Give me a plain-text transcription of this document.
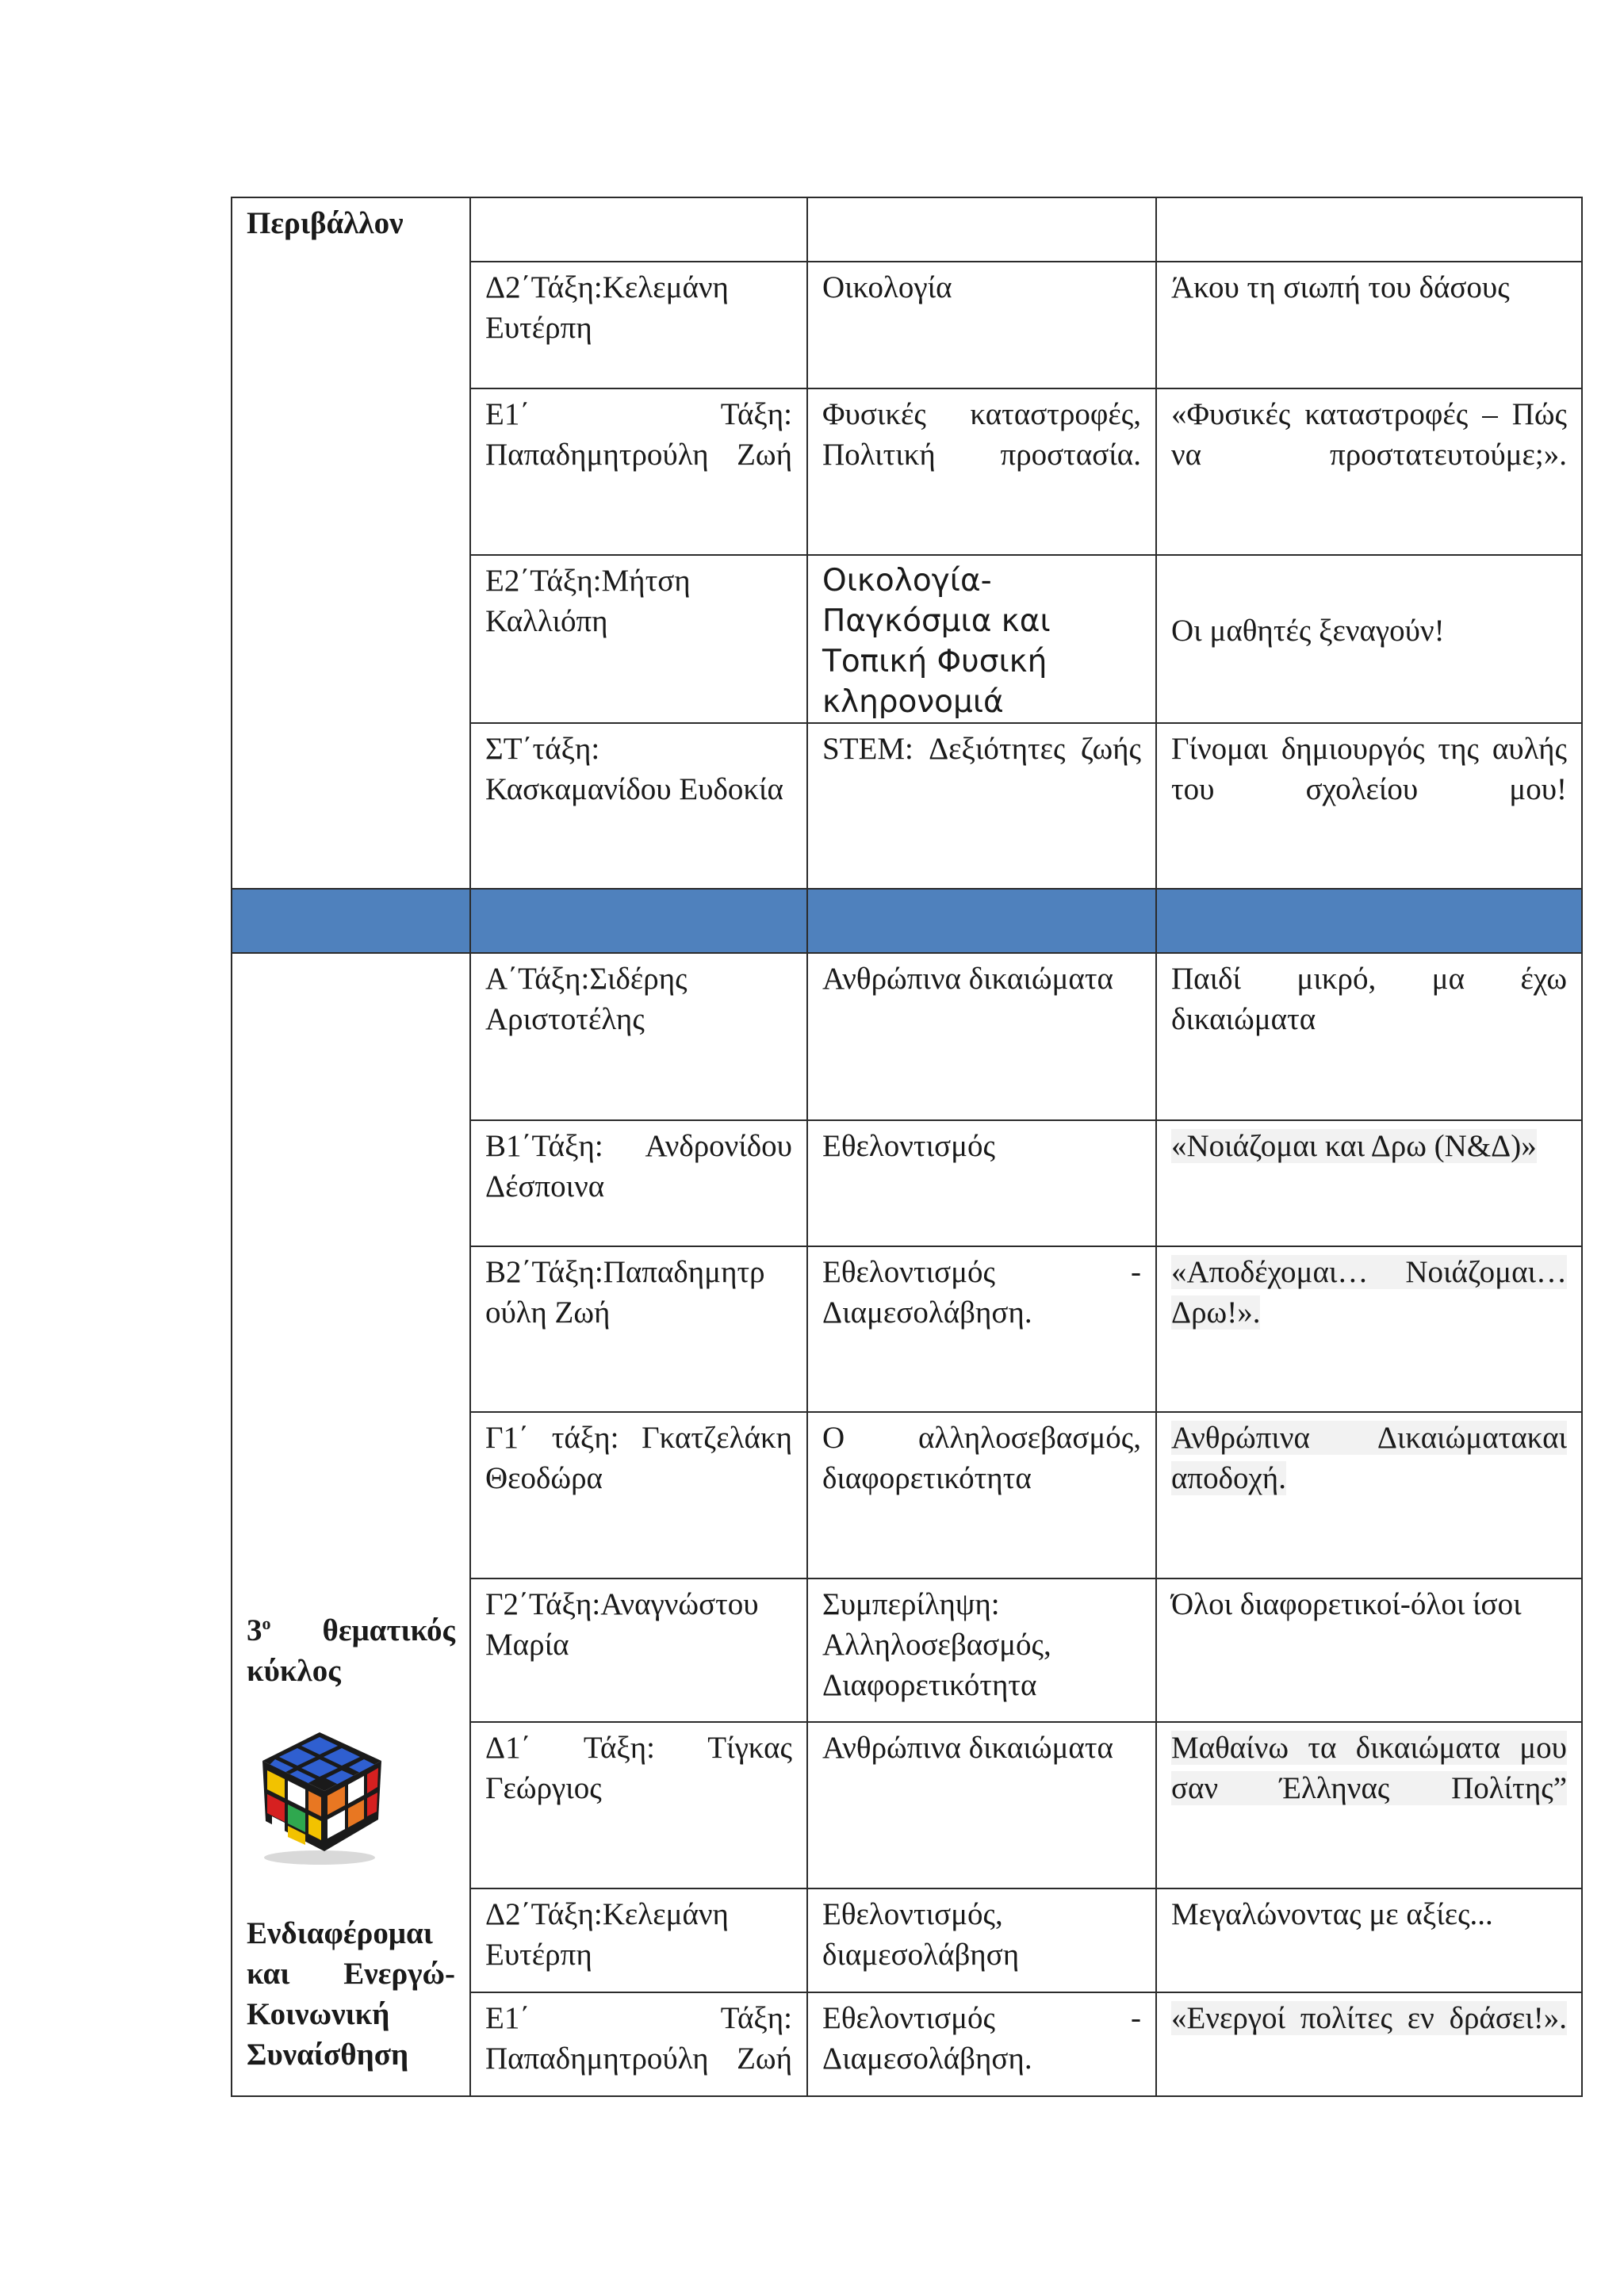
Περιβάλλον			
	Δ2΄Τάξη:Κελεμάνη Ευτέρπη	Οικολογία	Άκου τη σιωπή του δάσους
	Ε1΄ Τάξη: Παπαδημητρούλη Ζωή	Φυσικές καταστροφές, Πολιτική προστασία.	«Φυσικές καταστροφές – Πώς να προστατευτούμε;».
	Ε2΄Τάξη:Μήτση Καλλιόπη	Οικολογία-Παγκόσμια και Τοπική Φυσική κληρονομιά	Οι μαθητές ξεναγούν!
	ΣΤ΄τάξη: Κασκαμανίδου Ευδοκία	STEM: Δεξιότητες ζωής	Γίνομαι δημιουργός της αυλής του σχολείου μου!

$3^o$ θεματικός κύκλος
Ενδιαφέρομαι και Ενεργώ- Κοινωνική Συναίσθηση	Α΄Τάξη:Σιδέρης Αριστοτέλης	Ανθρώπινα δικαιώματα	Παιδί μικρό, μα έχω δικαιώματα
	Β1΄Τάξη: Ανδρονίδου Δέσποινα	Εθελοντισμός	«Νοιάζομαι και Δρω (Ν&Δ)»
	Β2΄Τάξη:Παπαδημητρ ούλη Ζωή	Εθελοντισμός - Διαμεσολάβηση.	«Αποδέχομαι… Νοιάζομαι… Δρω!».
	Γ1΄ τάξη: Γκατζελάκη Θεοδώρα	Ο αλληλοσεβασμός, διαφορετικότητα	Ανθρώπινα Δικαιώματακαι αποδοχή.
	Γ2΄Τάξη:Αναγνώστου Μαρία	Συμπερίληψη: Αλληλοσεβασμός, Διαφορετικότητα	Όλοι διαφορετικοί-όλοι ίσοι
	Δ1΄ Τάξη: Τίγκας Γεώργιος	Ανθρώπινα δικαιώματα	Μαθαίνω τα δικαιώματα μου σαν Έλληνας Πολίτης”
	Δ2΄Τάξη:Κελεμάνη Ευτέρπη	Εθελοντισμός, διαμεσολάβηση	Μεγαλώνοντας με αξίες...
	Ε1΄ Τάξη: Παπαδημητρούλη Ζωή	Εθελοντισμός - Διαμεσολάβηση.	«Ενεργοί πολίτες εν δράσει!».
